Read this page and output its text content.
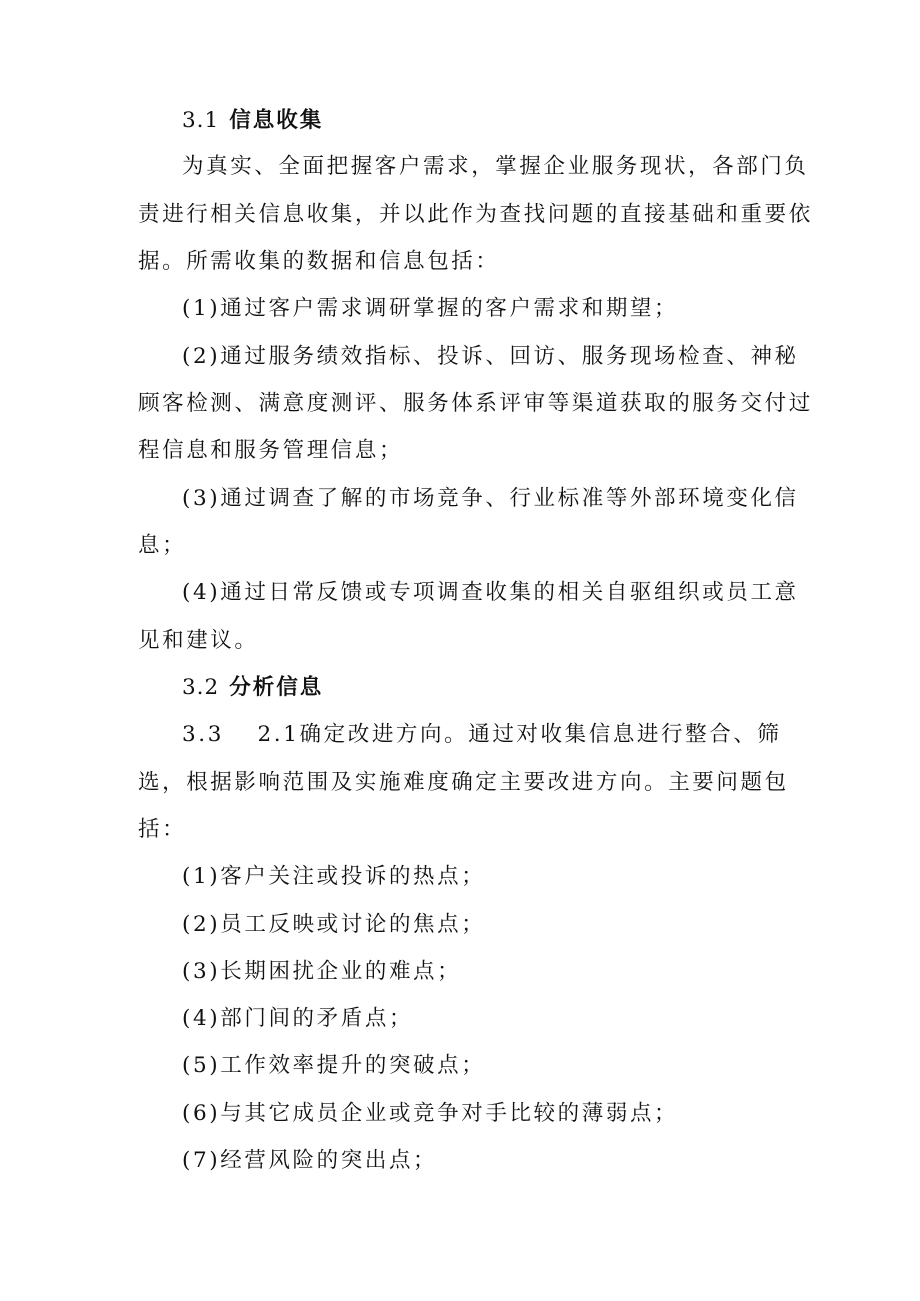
3.1 信息收集
为真实、全面把握客户需求，掌握企业服务现状，各部门负
责进行相关信息收集，并以此作为查找问题的直接基础和重要依
据。所需收集的数据和信息包括：
(1)通过客户需求调研掌握的客户需求和期望；
(2)通过服务绩效指标、投诉、回访、服务现场检查、神秘
顾客检测、满意度测评、服务体系评审等渠道获取的服务交付过
程信息和服务管理信息；
(3)通过调查了解的市场竞争、行业标准等外部环境变化信
息；
(4)通过日常反馈或专项调查收集的相关自驱组织或员工意
见和建议。
3.2 分析信息
3.3　 2.1确定改进方向。通过对收集信息进行整合、筛
选，根据影响范围及实施难度确定主要改进方向。主要问题包
括：
(1)客户关注或投诉的热点；
(2)员工反映或讨论的焦点；
(3)长期困扰企业的难点；
(4)部门间的矛盾点；
(5)工作效率提升的突破点；
(6)与其它成员企业或竞争对手比较的薄弱点；
(7)经营风险的突出点；
